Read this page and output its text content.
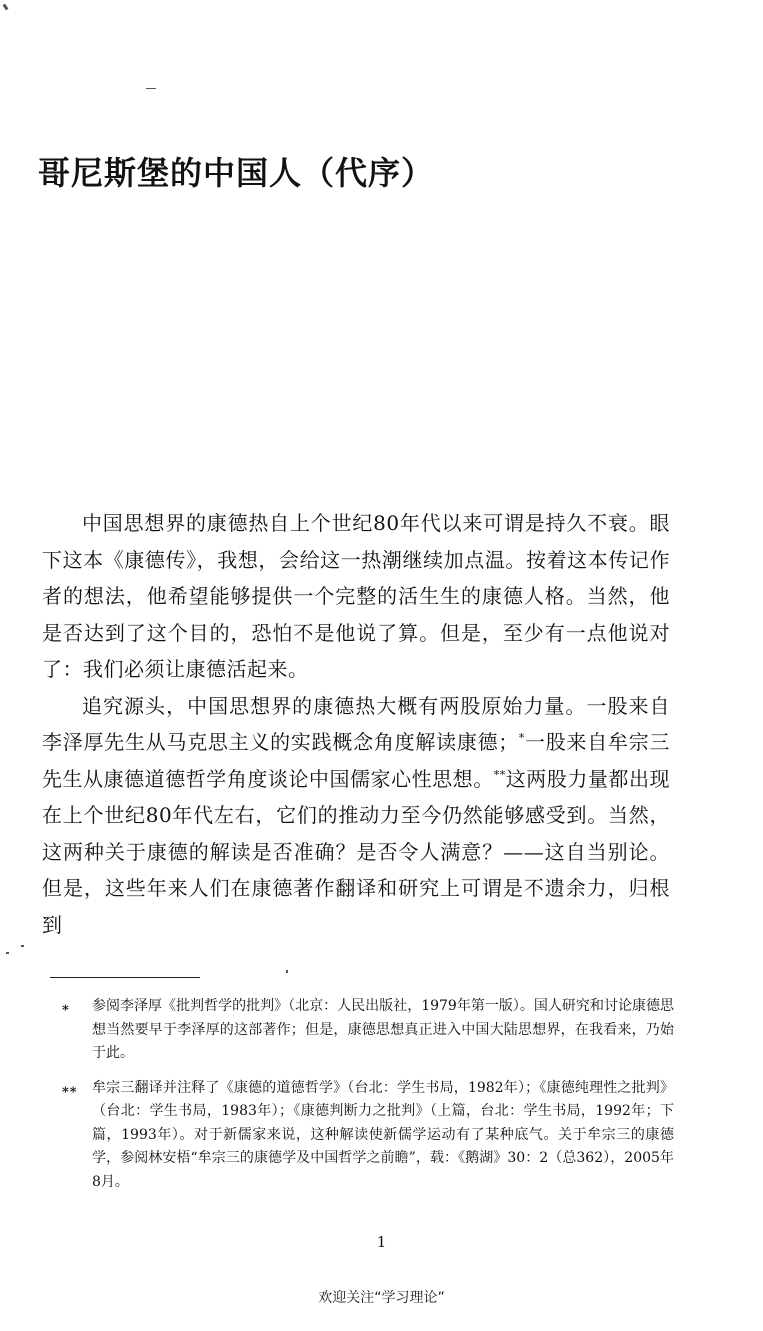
哥尼斯堡的中国人（代序）

中国思想界的康德热自上个世纪80年代以来可谓是持久不衰。眼下这本《康德传》，我想，会给这一热潮继续加点温。按着这本传记作者的想法，他希望能够提供一个完整的活生生的康德人格。当然，他是否达到了这个目的，恐怕不是他说了算。但是，至少有一点他说对了：我们必须让康德活起来。

追究源头，中国思想界的康德热大概有两股原始力量。一股来自李泽厚先生从马克思主义的实践概念角度解读康德；*一股来自牟宗三先生从康德道德哲学角度谈论中国儒家心性思想。**这两股力量都出现在上个世纪80年代左右，它们的推动力至今仍然能够感受到。当然，这两种关于康德的解读是否准确？是否令人满意？——这自当别论。但是，这些年来人们在康德著作翻译和研究上可谓是不遗余力，归根到

* 参阅李泽厚《批判哲学的批判》（北京：人民出版社，1979年第一版）。国人研究和讨论康德思想当然要早于李泽厚的这部著作；但是，康德思想真正进入中国大陆思想界，在我看来，乃始于此。

** 牟宗三翻译并注释了《康德的道德哲学》（台北：学生书局，1982年）；《康德纯理性之批判》（台北：学生书局，1983年）；《康德判断力之批判》（上篇，台北：学生书局，1992年；下篇，1993年）。对于新儒家来说，这种解读使新儒学运动有了某种底气。关于牟宗三的康德学，参阅林安梧“牟宗三的康德学及中国哲学之前瞻”，载：《鹅湖》30：2（总362），2005年8月。

1
欢迎关注“学习理论”
